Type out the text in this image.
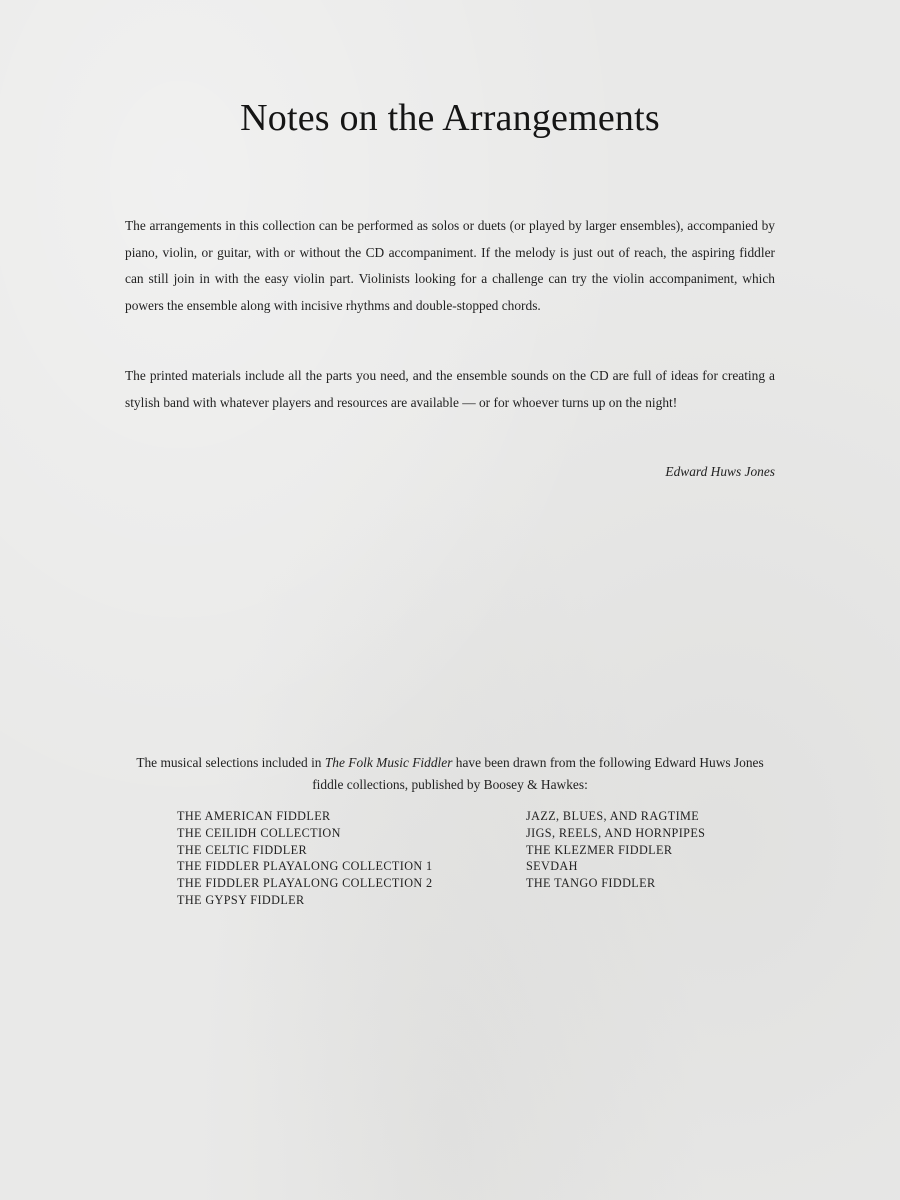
Notes on the Arrangements

The arrangements in this collection can be performed as solos or duets (or played by larger ensembles), accompanied by piano, violin, or guitar, with or without the CD accompaniment. If the melody is just out of reach, the aspiring fiddler can still join in with the easy violin part. Violinists looking for a challenge can try the violin accompaniment, which powers the ensemble along with incisive rhythms and double-stopped chords.

The printed materials include all the parts you need, and the ensemble sounds on the CD are full of ideas for creating a stylish band with whatever players and resources are available — or for whoever turns up on the night!

Edward Huws Jones

The musical selections included in The Folk Music Fiddler have been drawn from the following Edward Huws Jones fiddle collections, published by Boosey & Hawkes:

THE AMERICAN FIDDLER
THE CEILIDH COLLECTION
THE CELTIC FIDDLER
THE FIDDLER PLAYALONG COLLECTION 1
THE FIDDLER PLAYALONG COLLECTION 2
THE GYPSY FIDDLER
JAZZ, BLUES, AND RAGTIME
JIGS, REELS, AND HORNPIPES
THE KLEZMER FIDDLER
SEVDAH
THE TANGO FIDDLER
